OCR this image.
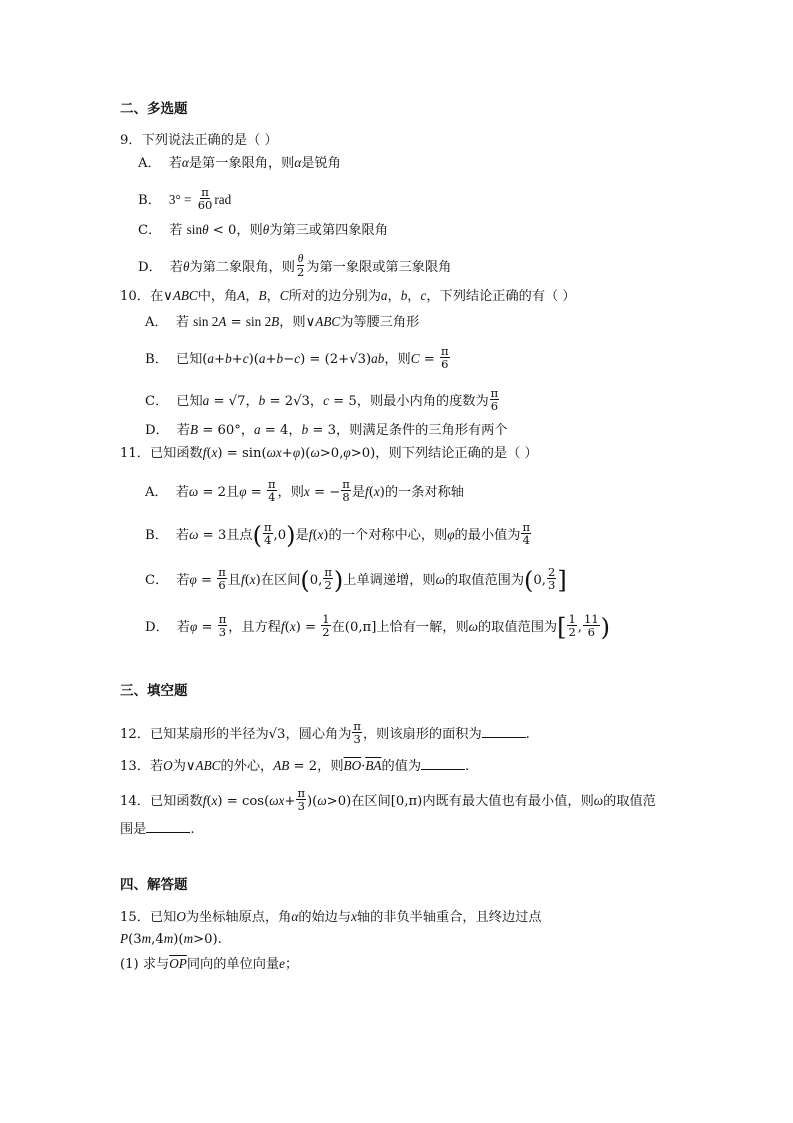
二、多选题
9．下列说法正确的是（ ）
A． 若α是第一象限角，则α是锐角
B． $3^\circ = \frac{\pi}{60}$ rad
C． 若 sinθ < 0，则θ为第三或第四象限角
D． 若θ为第二象限角，则 $\frac{\theta}{2}$ 为第一象限或第三象限角
10．在∨ABC中，角A，B，C所对的边分别为a，b，c，下列结论正确的有（ ）
A． 若 sin 2A = sin 2B，则∨ABC为等腰三角形
B． 已知(a+b+c)(a+b−c) = (2+√3)ab，则$C = \frac{\pi}{6}$
C． 已知a = √7，b = 2√3，c = 5，则最小内角的度数为 $\frac{\pi}{6}$
D． 若B = 60°，a = 4，b = 3，则满足条件的三角形有两个
11．已知函数f(x) = sin(ωx+φ)(ω>0,φ>0)，则下列结论正确的是（ ）
A． 若ω = 2且$\varphi = \frac{\pi}{4}$ ，则x = − $\frac{\pi}{8}$ 是f(x)的一条对称轴
B． 若ω = 3且点( $\frac{\pi}{4} ,0$)是f(x)的一个对称中心，则φ的最小值为 $\frac{\pi}{4}$
C． 若$\varphi = \frac{\pi}{6}$ 且f(x)在区间(0, $\frac{\pi}{2}$ )上单调递增，则ω的取值范围为(0, $\frac{2}{3}$ ]
D． 若$\varphi = \frac{\pi}{3}$ ，且方程$f(x) = \frac{1}{2}$ 在(0,π]上恰有一解，则ω的取值范围为[ $\frac{1}{2}$ , $\frac{11}{6}$ )
三、填空题
12．已知某扇形的半径为√3，圆心角为 $\frac{\pi}{3}$ ，则该扇形的面积为	.
13．若O为∨ABC的外心，AB = 2，则$\overline{BO}\cdot\overline{BA}$的值为	.
14．已知函数$f(x) = \cos(\omega x+ \frac{\pi}{3} )(\omega>0)$在区间[0,π)内既有最大值也有最小值，则ω的取值范
围是	.
四、解答题
15．已知O为坐标轴原点，角α的始边与x轴的非负半轴重合，且终边过点
P(3m,4m)(m>0).
(1) 求与$\overline{OP}$同向的单位向量e；
